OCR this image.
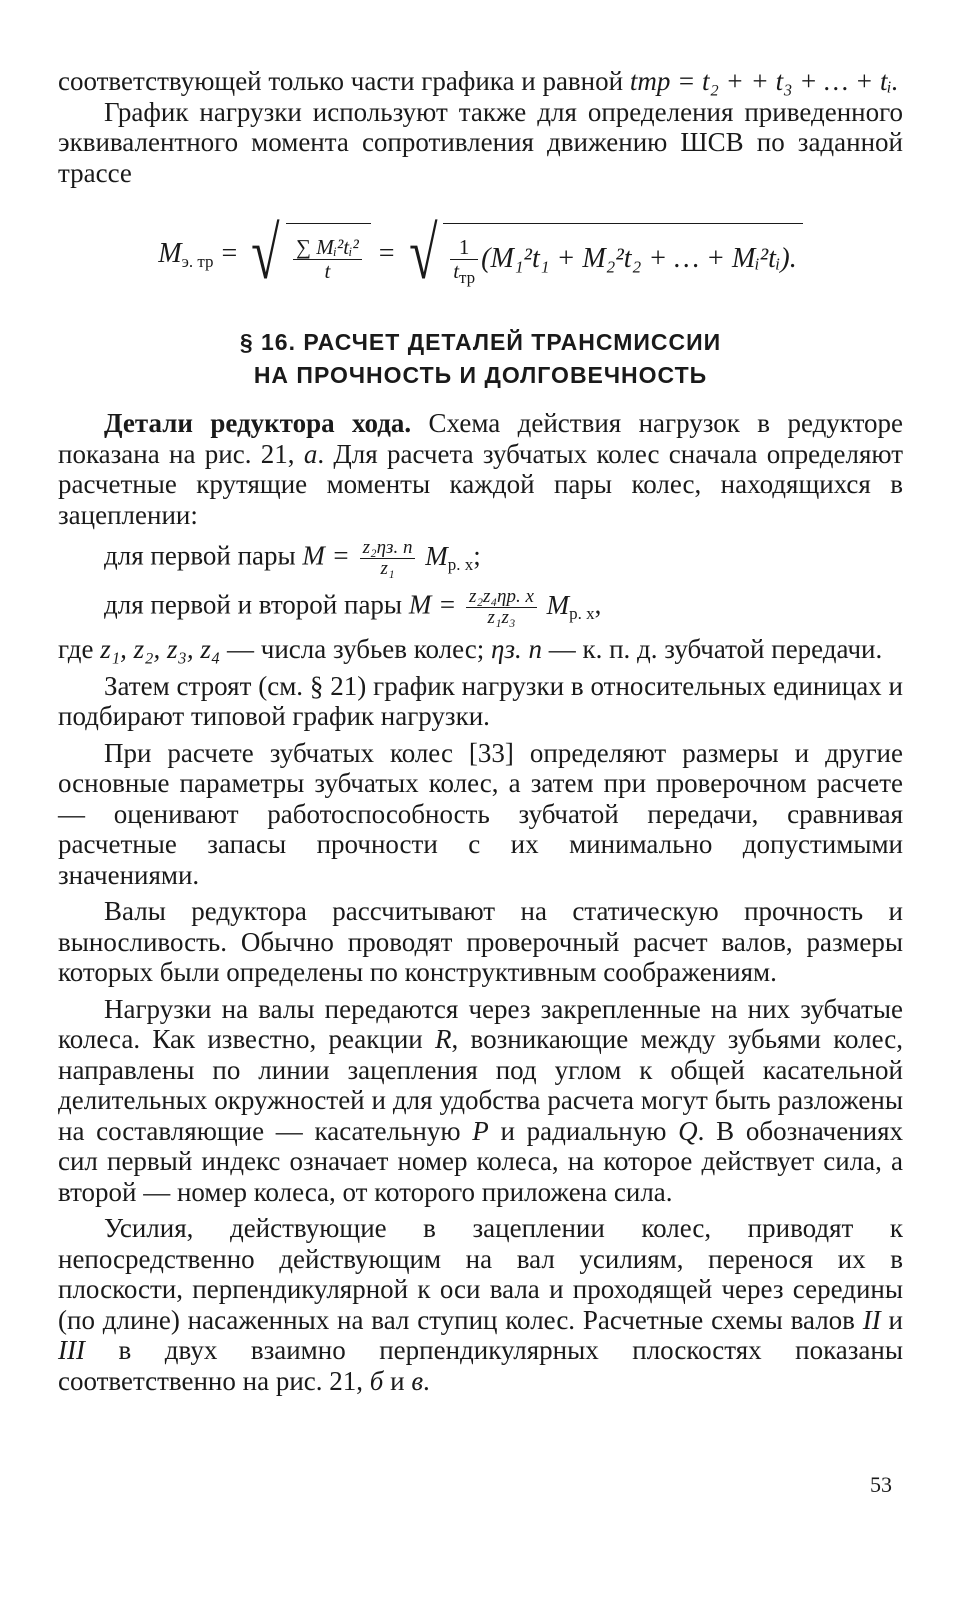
соответствующей только части графика и равной tтр = t₂ + + t₃ + … + tᵢ.

График нагрузки используют также для определения приведенного эквивалентного момента сопротивления движению ШСВ по заданной трассе

$M_{э. тр}$ = √ $\frac{\text{∑ Mᵢ²tᵢ²}}{t}$ = √ $\frac{1}{t_{тр}} (M_1^2t_1 + M_2^2t_2$ + … + Mᵢ²tᵢ).
§ 16. РАСЧЕТ ДЕТАЛЕЙ ТРАНСМИССИИ
НА ПРОЧНОСТЬ И ДОЛГОВЕЧНОСТЬ

Детали редуктора хода. Схема действия нагрузок в редукторе показана на рис. 21, а. Для расчета зубчатых колес сначала определяют расчетные крутящие моменты каждой пары колес, находящихся в зацеплении:

для первой пары $M = \frac{\text{z₂ηз. п}}{\text{z₁}} M_{р. х}$;
для первой и второй пары $M = \frac{\text{z₂z₄ηр. х}}{\text{z₁z₃}} M_{р. х}$,

где z₁, z₂, z₃, z₄ — числа зубьев колес; ηз. п — к. п. д. зубчатой передачи.

Затем строят (см. § 21) график нагрузки в относительных единицах и подбирают типовой график нагрузки.

При расчете зубчатых колес [33] определяют размеры и другие основные параметры зубчатых колес, а затем при проверочном расчете — оценивают работоспособность зубчатой передачи, сравнивая расчетные запасы прочности с их минимально допустимыми значениями.

Валы редуктора рассчитывают на статическую прочность и выносливость. Обычно проводят проверочный расчет валов, размеры которых были определены по конструктивным соображениям.

Нагрузки на валы передаются через закрепленные на них зубчатые колеса. Как известно, реакции R, возникающие между зубьями колес, направлены по линии зацепления под углом к общей касательной делительных окружностей и для удобства расчета могут быть разложены на составляющие — касательную P и радиальную Q. В обозначениях сил первый индекс означает номер колеса, на которое действует сила, а второй — номер колеса, от которого приложена сила.

Усилия, действующие в зацеплении колес, приводят к непосредственно действующим на вал усилиям, перенося их в плоскости, перпендикулярной к оси вала и проходящей через середины (по длине) насаженных на вал ступиц колес. Расчетные схемы валов II и III в двух взаимно перпендикулярных плоскостях показаны соответственно на рис. 21, б и в.

53
